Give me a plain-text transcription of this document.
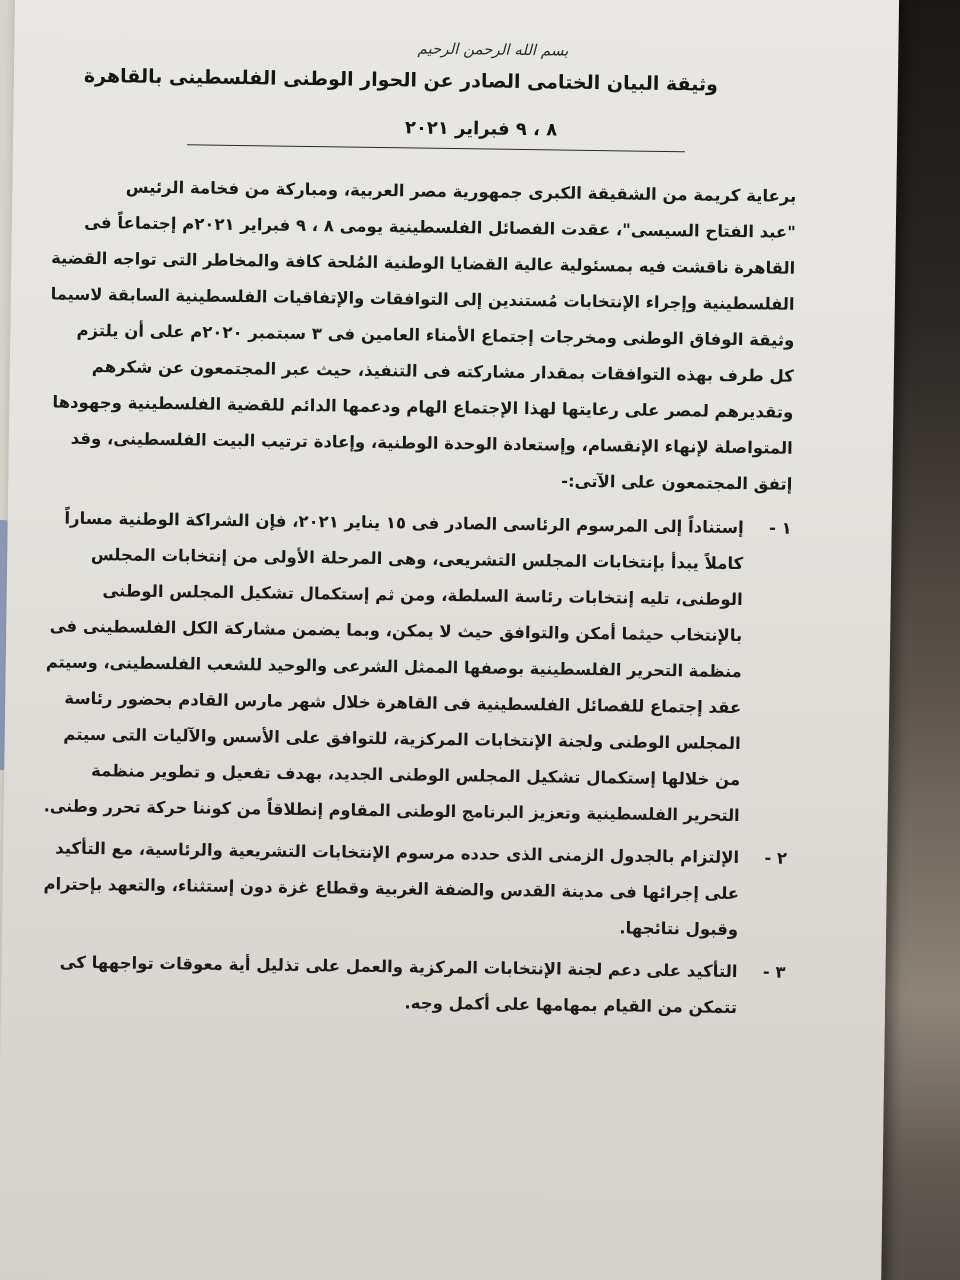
بسم الله الرحمن الرحيم
وثيقة البيان الختامى الصادر عن الحوار الوطنى الفلسطينى بالقاهرة
٨ ، ٩ فبراير ٢٠٢١
برعاية كريمة من الشقيقة الكبرى جمهورية مصر العربية، ومباركة من فخامة الرئيس
"عبد الفتاح السيسى"، عقدت الفصائل الفلسطينية يومى ٨ ، ٩ فبراير ٢٠٢١م إجتماعاً فى
القاهرة ناقشت فيه بمسئولية عالية القضايا الوطنية المُلحة كافة والمخاطر التى تواجه القضية
الفلسطينية وإجراء الإنتخابات مُستندين إلى التوافقات والإتفاقيات الفلسطينية السابقة لاسيما
وثيقة الوفاق الوطنى ومخرجات إجتماع الأمناء العامين فى ٣ سبتمبر ٢٠٢٠م على أن يلتزم
كل طرف بهذه التوافقات بمقدار مشاركته فى التنفيذ، حيث عبر المجتمعون عن شكرهم
وتقديرهم لمصر على رعايتها لهذا الإجتماع الهام ودعمها الدائم للقضية الفلسطينية وجهودها
المتواصلة لإنهاء الإنقسام، وإستعادة الوحدة الوطنية، وإعادة ترتيب البيت الفلسطينى، وقد
إتفق المجتمعون على الآتى:-
١ -
إستناداً إلى المرسوم الرئاسى الصادر فى ١٥ يناير ٢٠٢١، فإن الشراكة الوطنية مساراً
كاملاً يبدأ بإنتخابات المجلس التشريعى، وهى المرحلة الأولى من إنتخابات المجلس
الوطنى، تليه إنتخابات رئاسة السلطة، ومن ثم إستكمال تشكيل المجلس الوطنى
بالإنتخاب حيثما أمكن والتوافق حيث لا يمكن، وبما يضمن مشاركة الكل الفلسطينى فى
منظمة التحرير الفلسطينية بوصفها الممثل الشرعى والوحيد للشعب الفلسطينى، وسيتم
عقد إجتماع للفصائل الفلسطينية فى القاهرة خلال شهر مارس القادم بحضور رئاسة
المجلس الوطنى ولجنة الإنتخابات المركزية، للتوافق على الأسس والآليات التى سيتم
من خلالها إستكمال تشكيل المجلس الوطنى الجديد، بهدف تفعيل و تطوير منظمة
التحرير الفلسطينية وتعزيز البرنامج الوطنى المقاوم إنطلاقاً من كوننا حركة تحرر وطنى.
٢ -
الإلتزام بالجدول الزمنى الذى حدده مرسوم الإنتخابات التشريعية والرئاسية، مع التأكيد
على إجرائها فى مدينة القدس والضفة الغربية وقطاع غزة دون إستثناء، والتعهد بإحترام
وقبول نتائجها.
٣ -
التأكيد على دعم لجنة الإنتخابات المركزية والعمل على تذليل أية معوقات تواجهها كى
تتمكن من القيام بمهامها على أكمل وجه.
